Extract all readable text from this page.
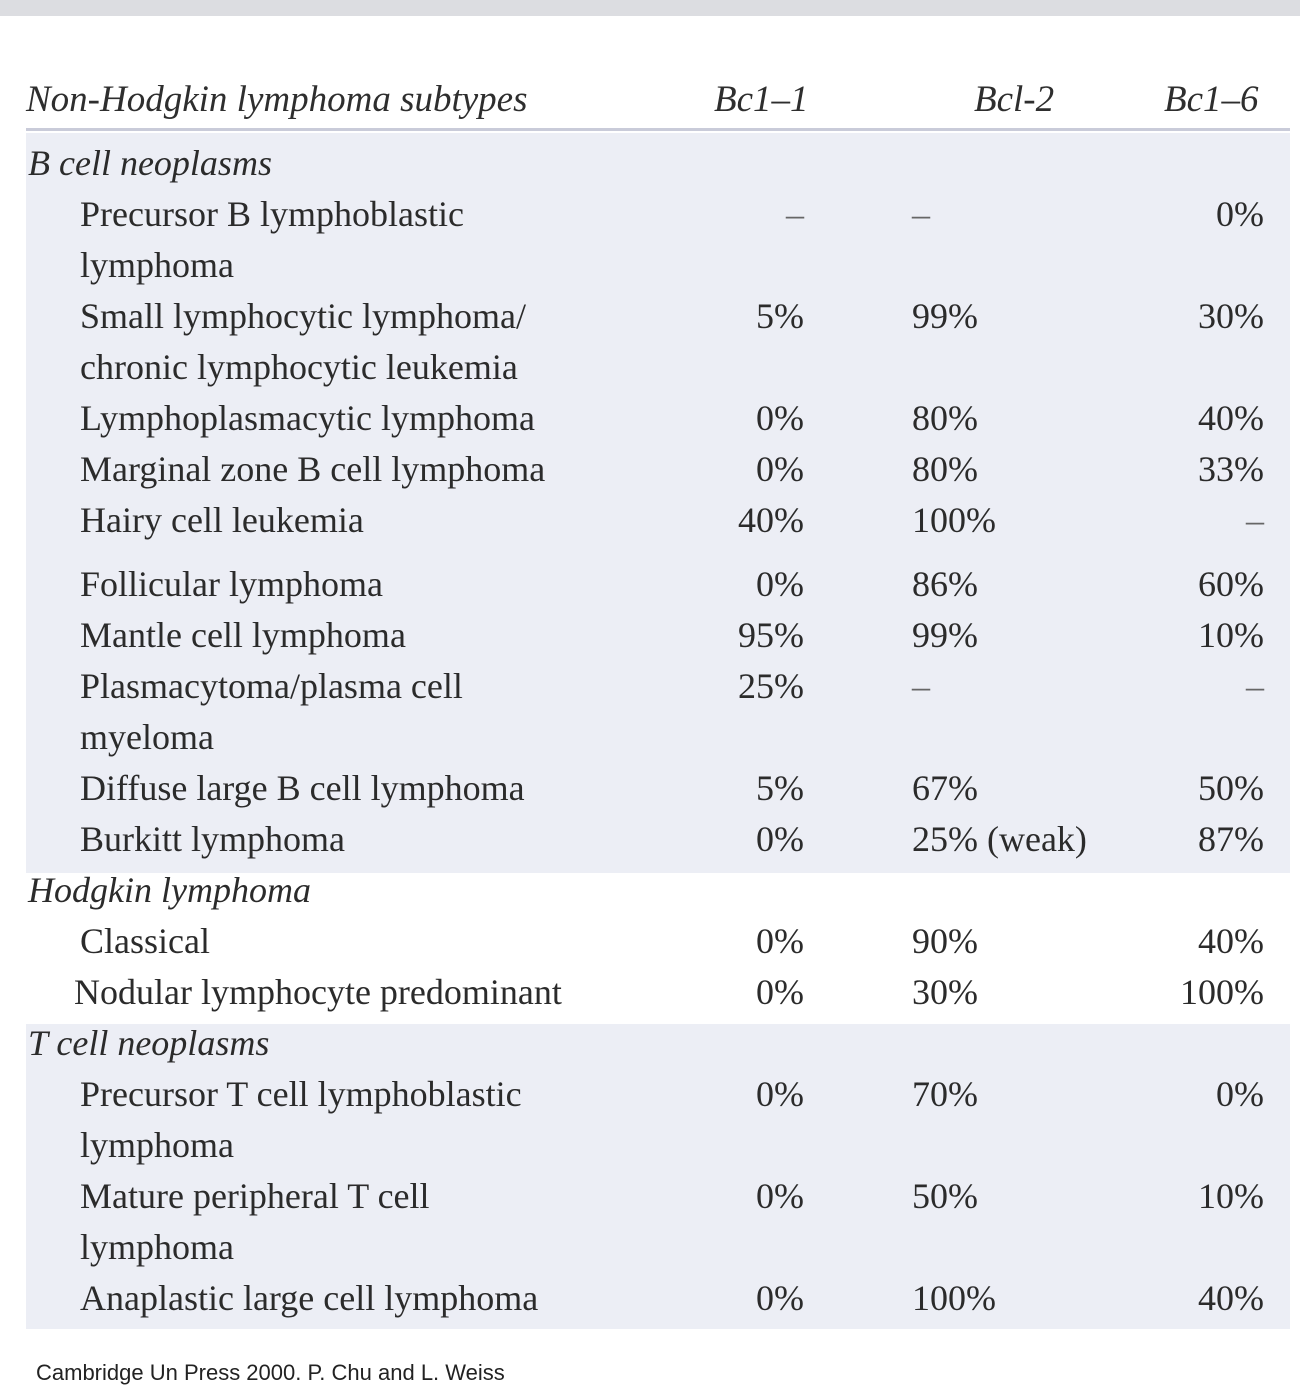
Non-Hodgkin lymphoma subtypes	Bc1–1	Bcl-2	Bc1–6
B cell neoplasms
Precursor B lymphoblastic	–	–	0%
lymphoma
Small lymphocytic lymphoma/	5%	99%	30%
chronic lymphocytic leukemia
Lymphoplasmacytic lymphoma	0%	80%	40%
Marginal zone B cell lymphoma	0%	80%	33%
Hairy cell leukemia	40%	100%	–
Follicular lymphoma	0%	86%	60%
Mantle cell lymphoma	95%	99%	10%
Plasmacytoma/plasma cell	25%	–	–
myeloma
Diffuse large B cell lymphoma	5%	67%	50%
Burkitt lymphoma	0%	25% (weak)	87%
Hodgkin lymphoma
Classical	0%	90%	40%
Nodular lymphocyte predominant	0%	30%	100%
T cell neoplasms
Precursor T cell lymphoblastic	0%	70%	0%
lymphoma
Mature peripheral T cell	0%	50%	10%
lymphoma
Anaplastic large cell lymphoma	0%	100%	40%
Cambridge Un Press 2000. P. Chu and L. Weiss
